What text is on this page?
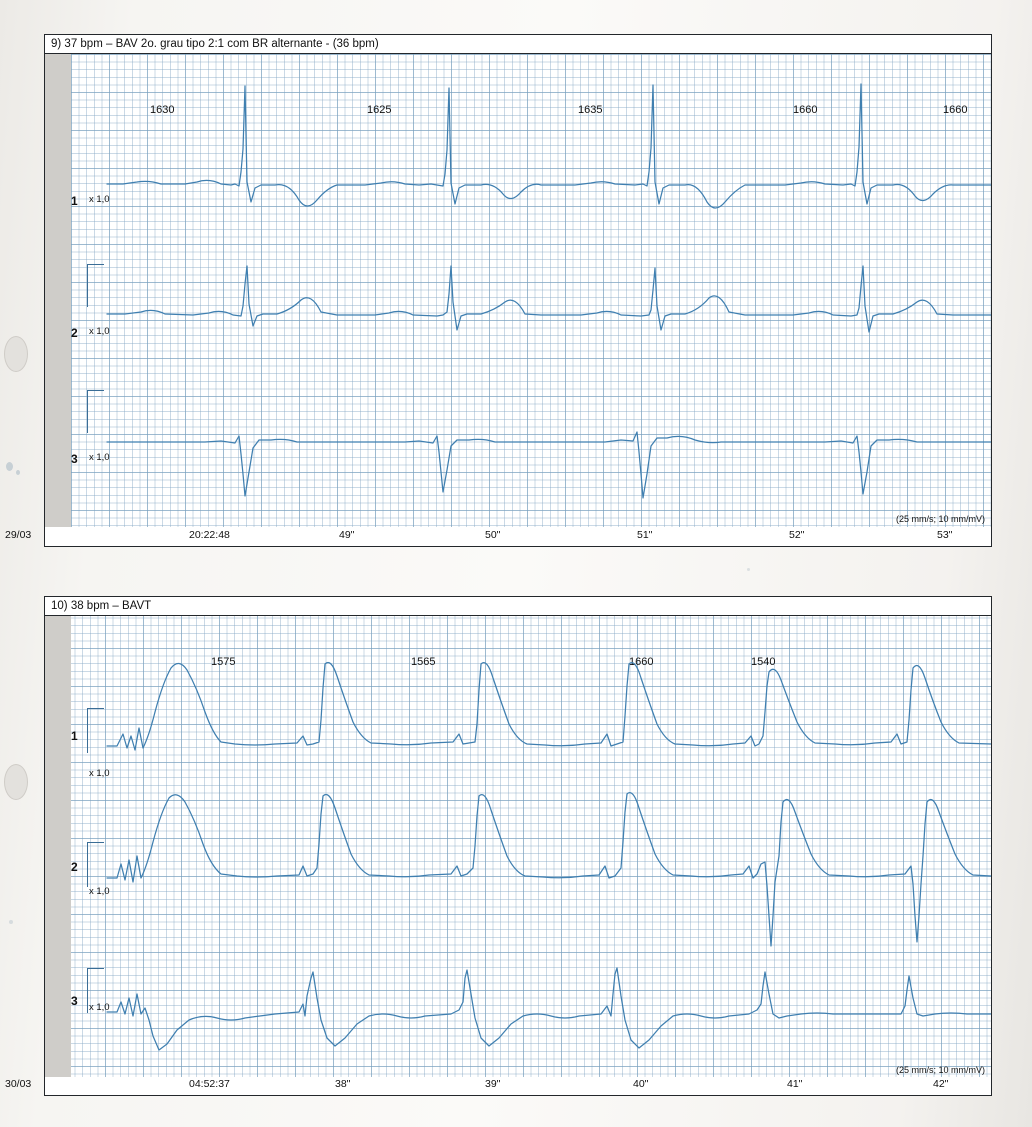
9) 37 bpm – BAV 2o. grau tipo 2:1 com BR alternante - (36 bpm)
1630	1625	1635	1660	1660
1 x 1,0
2 x 1,0
3 x 1,0
(25 mm/s; 10 mm/mV)
29/03	20:22:48	49"	50"	51"	52"	53"
10) 38 bpm – BAVT
1575	1565	1660	1540
1
x 1,0
2
x 1,0
3 x 1,0
(25 mm/s; 10 mm/mV)
30/03	04:52:37	38"	39"	40"	41"	42"
